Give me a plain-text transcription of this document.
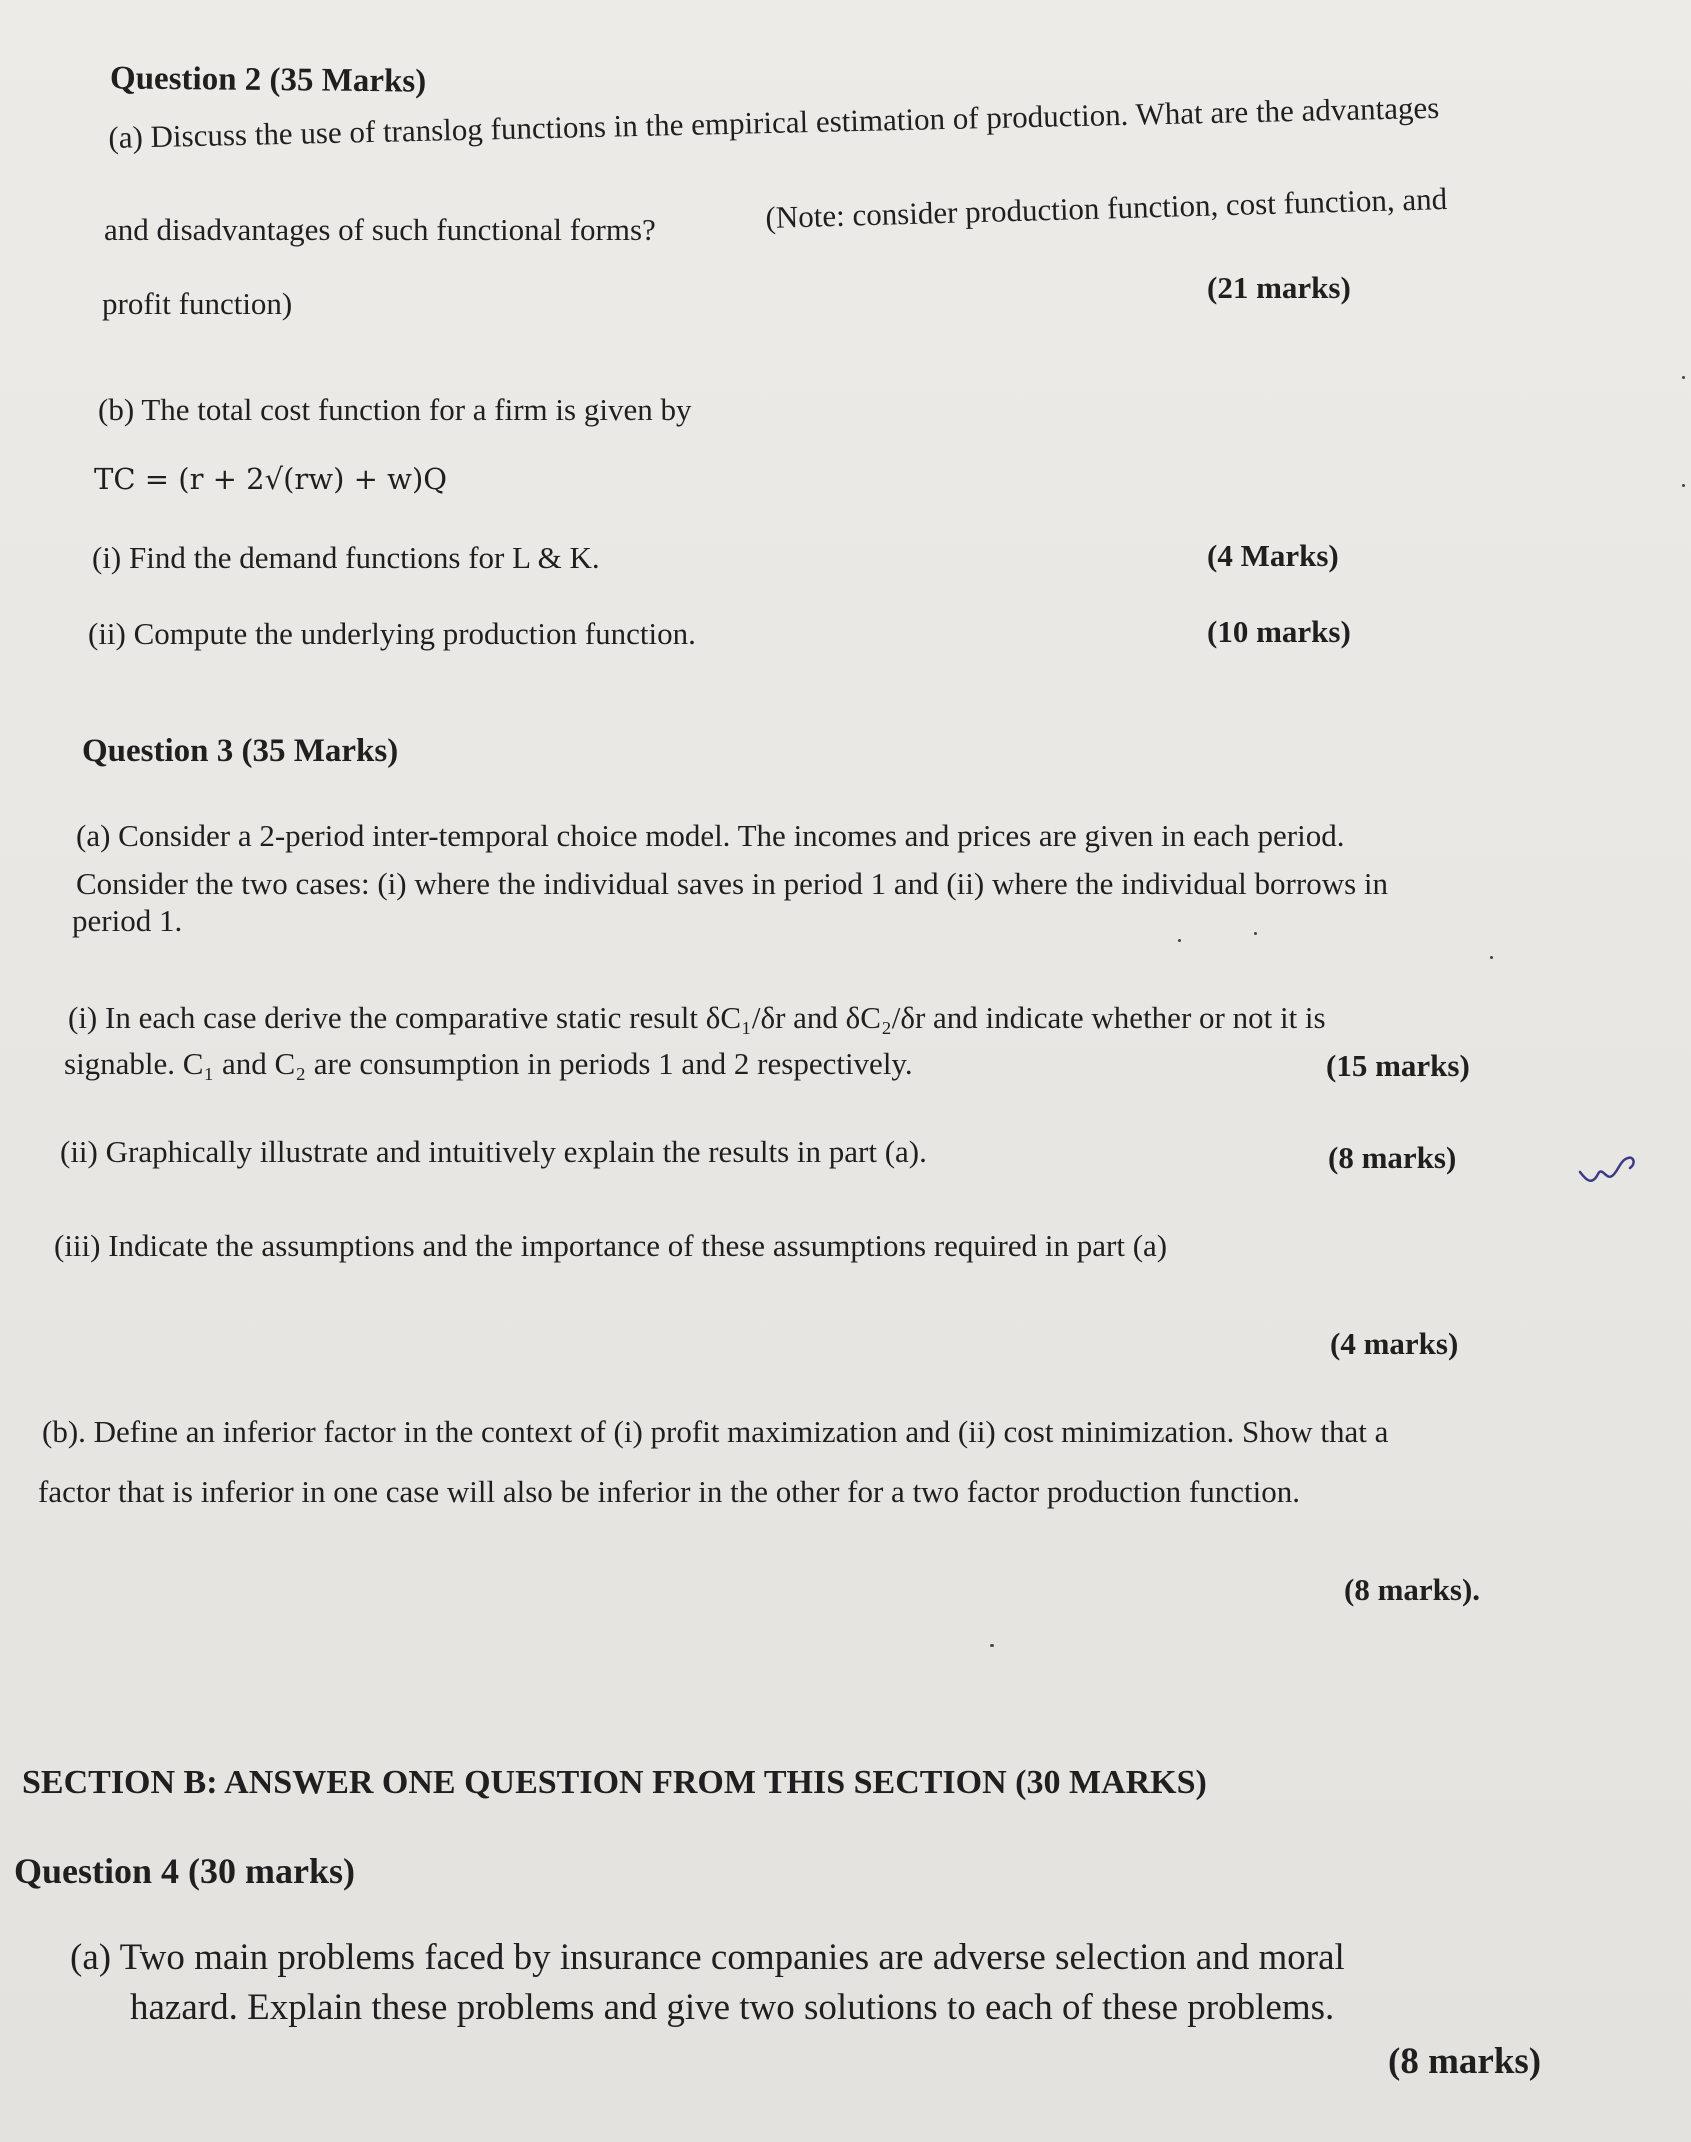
Question 2 (35 Marks)
(a) Discuss the use of translog functions in the empirical estimation of production. What are the advantages
and disadvantages of such functional forms?	(Note: consider production function, cost function, and
profit function)	(21 marks)
(b) The total cost function for a firm is given by
TC = (r + 2√(rw) + w)Q
(i) Find the demand functions for L & K.	(4 Marks)
(ii) Compute the underlying production function.	(10 marks)
Question 3 (35 Marks)
(a) Consider a 2-period inter-temporal choice model. The incomes and prices are given in each period.
Consider the two cases: (i) where the individual saves in period 1 and (ii) where the individual borrows in
period 1.
(i) In each case derive the comparative static result δC₁/δr and δC₂/δr and indicate whether or not it is
signable. C₁ and C₂ are consumption in periods 1 and 2 respectively.	(15 marks)
(ii) Graphically illustrate and intuitively explain the results in part (a).	(8 marks)
(iii) Indicate the assumptions and the importance of these assumptions required in part (a)
(4 marks)
(b). Define an inferior factor in the context of (i) profit maximization and (ii) cost minimization. Show that a
factor that is inferior in one case will also be inferior in the other for a two factor production function.
(8 marks).
SECTION B: ANSWER ONE QUESTION FROM THIS SECTION (30 MARKS)
Question 4 (30 marks)
(a) Two main problems faced by insurance companies are adverse selection and moral
hazard. Explain these problems and give two solutions to each of these problems.
(8 marks)
